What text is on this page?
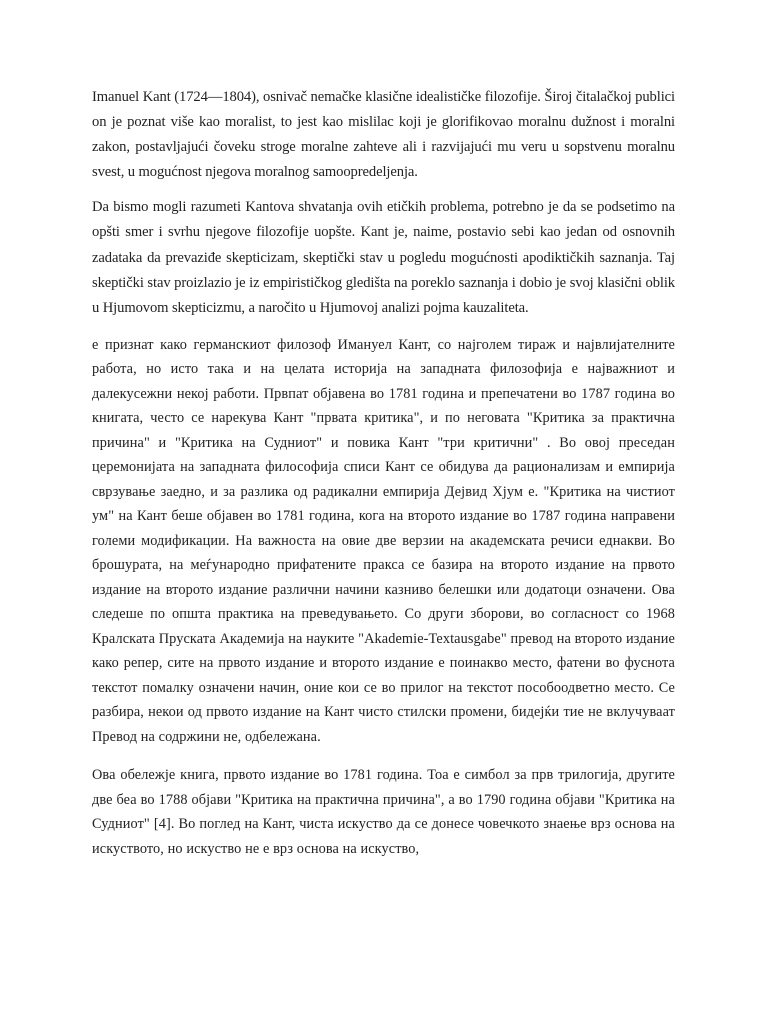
Imanuel Kant (1724—1804), osnivač nemačke klasične idealističke filozofije. Široj čitalačkoj publici on je poznat više kao moralist, to jest kao mislilac koji je glorifikovao moralnu dužnost i moralni zakon, postavljajući čoveku stroge moralne zahteve ali i razvijajući mu veru u sopstvenu moralnu svest, u mogućnost njegova moralnog samoopredeljenja.

Da bismo mogli razumeti Kantova shvatanja ovih etičkih problema, potrebno je da se podsetimo na opšti smer i svrhu njegove filozofije uopšte. Kant je, naime, postavio sebi kao jedan od osnovnih zadataka da prevaziđe skepticizam, skeptički stav u pogledu mogućnosti apodiktičkih saznanja. Taj skeptički stav proizlazio je iz empirističkog gledišta na poreklo saznanja i dobio je svoj klasični oblik u Hjumovom skepticizmu, a naročito u Hjumovoj analizi pojma kauzaliteta.

е признат како германскиот филозоф Имануел Кант, со најголем тираж и највлијателните работа, но исто така и на целата историја на западната филозофија е најважниот и далекусежни некој работи. Првпат објавена во 1781 година и препечатени во 1787 година во книгата, често се нарекува Кант "првата критика", и по неговата "Критика за практична причина" и "Критика на Судниот" и повика Кант "три критични" . Во овој преседан церемонијата на западната философија списи Кант се обидува да рационализам и емпирија сврзување заедно, и за разлика од радикални емпирија Дејвид Хјум е. "Критика на чистиот ум" на Кант беше објавен во 1781 година, кога на второто издание во 1787 година направени големи модификации. На важноста на овие две верзии на академската речиси еднакви. Во брошурата, на меѓународно прифатените пракса се базира на второто издание на првото издание на второто издание различни начини казниво белешки или додатоци означени. Ова следеше по општа практика на преведувањето. Со други зборови, во согласност со 1968 Кралската Пруската Академија на науките "Akademie-Textausgabe" превод на второто издание како репер, сите на првото издание и второто издание е поинакво место, фатени во фуснота текстот помалку означени начин, оние кои се во прилог на текстот пособоодветно место. Се разбира, некои од првото издание на Кант чисто стилски промени, бидејќи тие не вклучуваат Превод на содржини не, одбележана.

Ова обележје книга, првото издание во 1781 година. Тоа е симбол за прв трилогија, другите две беа во 1788 објави "Критика на практична причина", а во 1790 година објави "Критика на Судниот" [4]. Во поглед на Кант, чиста искуство да се донесе човечкото знаење врз основа на искуството, но искуство не е врз основа на искуство,
